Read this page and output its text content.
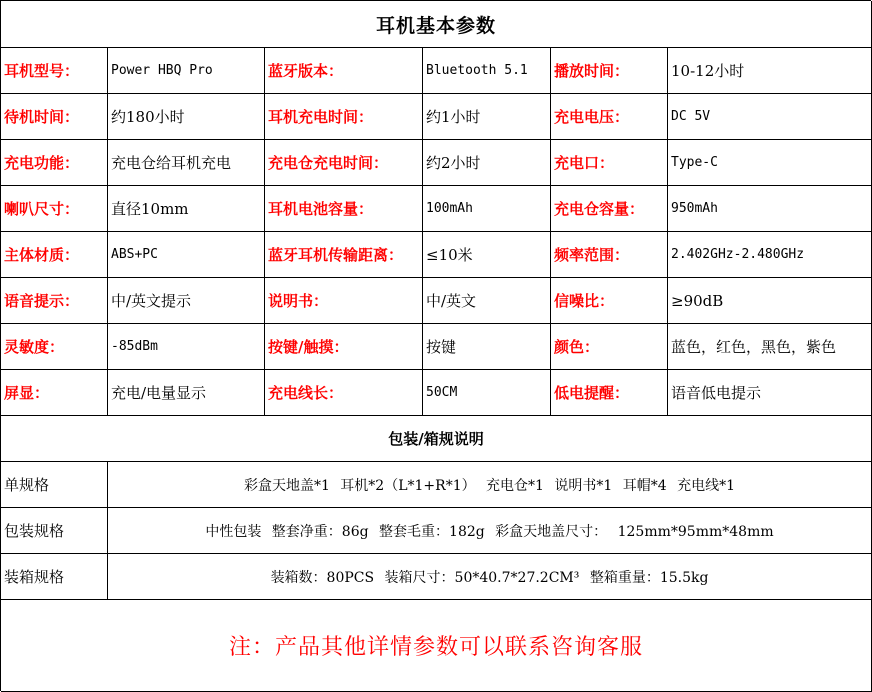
耳机基本参数
耳机型号：	Power HBQ Pro	蓝牙版本：	Bluetooth 5.1	播放时间：	10-12小时
待机时间：	约180小时	耳机充电时间：	约1小时	充电电压：	DC 5V
充电功能：	充电仓给耳机充电	充电仓充电时间：	约2小时	充电口：	Type-C
喇叭尺寸：	直径10mm	耳机电池容量：	100mAh	充电仓容量：	950mAh
主体材质：	ABS+PC	蓝牙耳机传输距离：	≤10米	频率范围：	2.402GHz-2.480GHz
语音提示：	中/英文提示	说明书：	中/英文	信噪比：	≥90dB
灵敏度：	-85dBm	按键/触摸：	按键	颜色：	蓝色，红色，黑色，紫色
屏显：	充电/电量显示	充电线长：	50CM	低电提醒：	语音低电提示
包装/箱规说明
单规格	彩盒天地盖*1 耳机*2（L*1+R*1） 充电仓*1 说明书*1 耳帽*4 充电线*1
包装规格	中性包装 整套净重：86g 整套毛重：182g 彩盒天地盖尺寸： 125mm*95mm*48mm
装箱规格	装箱数：80PCS 装箱尺寸：50*40.7*27.2CM³ 整箱重量：15.5kg
注：产品其他详情参数可以联系咨询客服
